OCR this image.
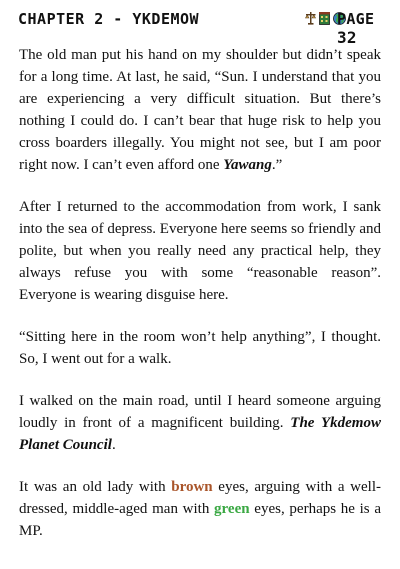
CHAPTER 2 - YKDEMOW	PAGE 32

The old man put his hand on my shoulder but didn’t speak for a long time. At last, he said, “Sun. I understand that you are experiencing a very difficult situation. But there’s nothing I could do. I can’t bear that huge risk to help you cross boarders illegally. You might not see, but I am poor right now. I can’t even afford one Yawang.”

After I returned to the accommodation from work, I sank into the sea of depress. Everyone here seems so friendly and polite, but when you really need any practical help, they always refuse you with some “reasonable reason”. Everyone is wearing disguise here.

“Sitting here in the room won’t help anything”, I thought. So, I went out for a walk.

I walked on the main road, until I heard someone arguing loudly in front of a magnificent building. The Ykdemow Planet Council.

It was an old lady with brown eyes, arguing with a well-dressed, middle-aged man with green eyes, perhaps he is a MP.
